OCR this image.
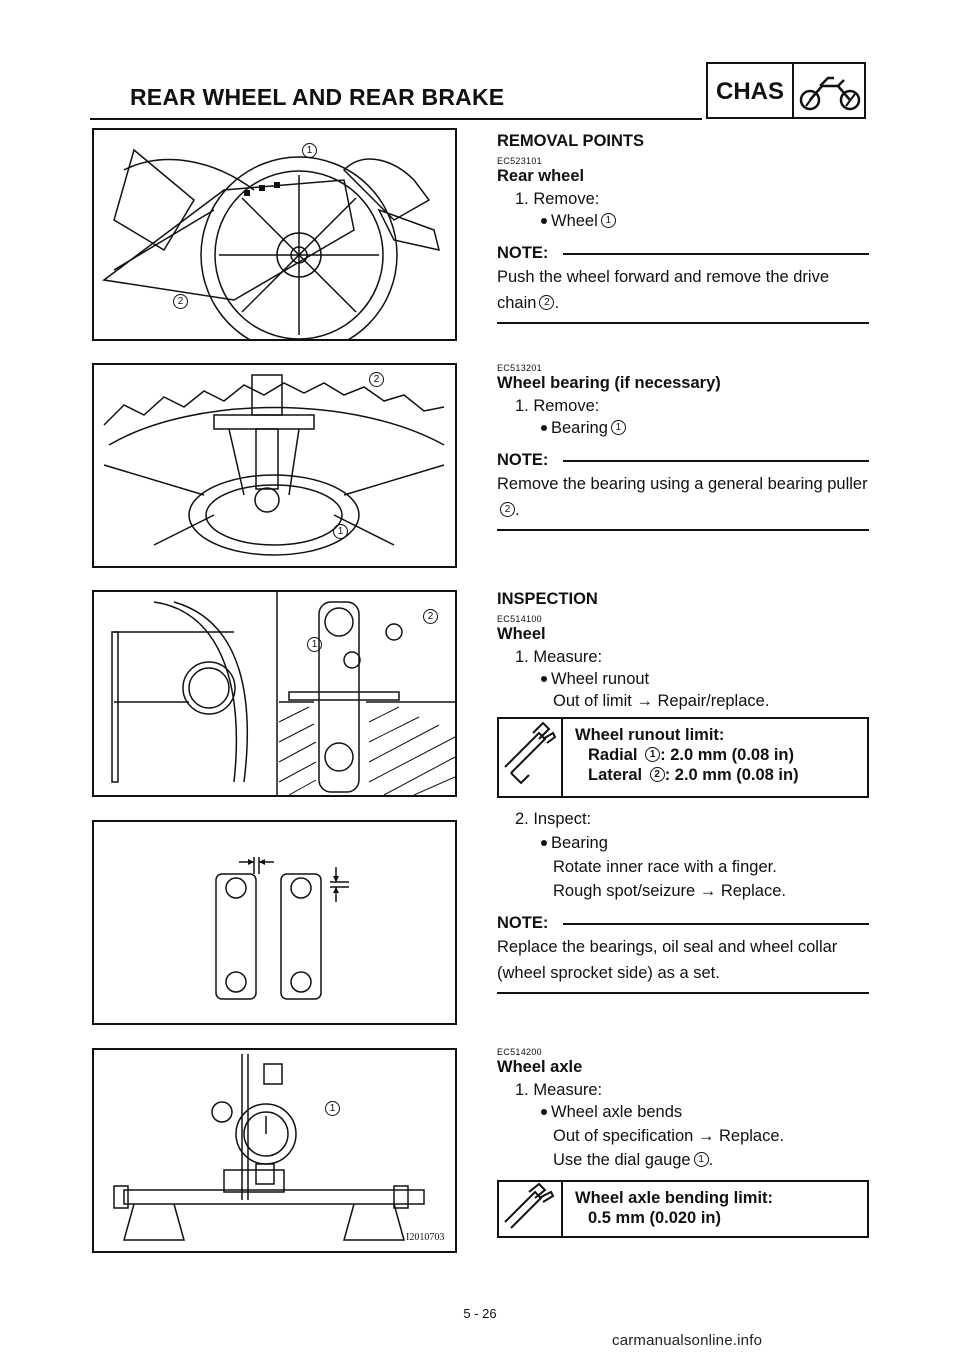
REAR WHEEL AND REAR BRAKE	CHAS
1
2
2
1
1
2
1
I2010703
REMOVAL POINTS
EC523101
Rear wheel
1. Remove:
Wheel 1
NOTE:
Push the wheel forward and remove the drive chain 2 .
EC513201
Wheel bearing (if necessary)
1. Remove:
Bearing 1
NOTE:
Remove the bearing using a general bearing puller2 .
INSPECTION
EC514100
Wheel
1. Measure:
Wheel runout
Out of limit → Repair/replace.
Wheel runout limit:
Radial 1 : 2.0 mm (0.08 in)
Lateral 2 : 2.0 mm (0.08 in)
2. Inspect:
Bearing
Rotate inner race with a finger.
Rough spot/seizure → Replace.
NOTE:
Replace the bearings, oil seal and wheel collar (wheel sprocket side) as a set.
EC514200
Wheel axle
1. Measure:
Wheel axle bends
Out of specification → Replace.
Use the dial gauge 1 .
Wheel axle bending limit:
0.5 mm (0.020 in)
5 - 26
carmanualsonline.info
